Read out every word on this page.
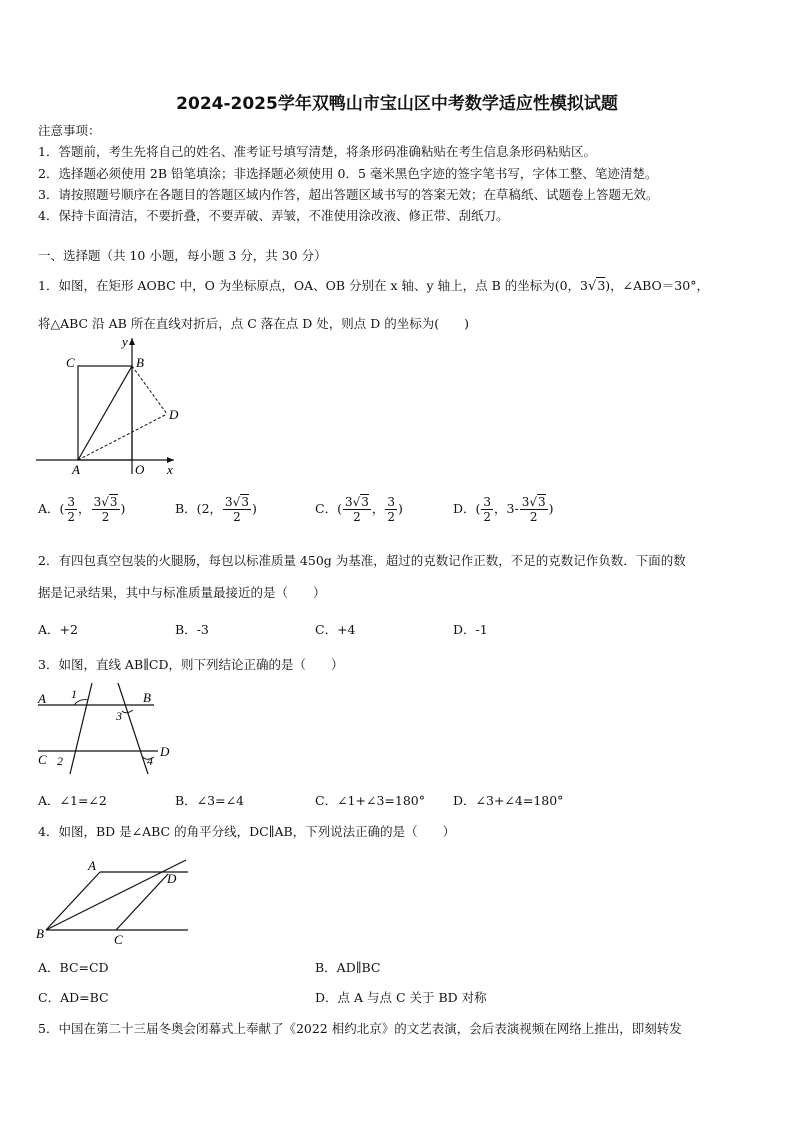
2024-2025学年双鸭山市宝山区中考数学适应性模拟试题
注意事项：
1．答题前，考生先将自己的姓名、准考证号填写清楚，将条形码准确粘贴在考生信息条形码粘贴区。
2．选择题必须使用 2B 铅笔填涂；非选择题必须使用 0．5 毫米黑色字迹的签字笔书写，字体工整、笔迹清楚。
3．请按照题号顺序在各题目的答题区域内作答，超出答题区域书写的答案无效；在草稿纸、试题卷上答题无效。
4．保持卡面清洁，不要折叠，不要弄破、弄皱，不准使用涂改液、修正带、刮纸刀。
一、选择题（共 10 小题，每小题 3 分，共 30 分）
1．如图，在矩形 AOBC 中，O 为坐标原点，OA、OB 分别在 x 轴、y 轴上，点 B 的坐标为(0，3√3)，∠ABO＝30°，
将△ABC 沿 AB 所在直线对折后，点 C 落在点 D 处，则点 D 的坐标为(　　)
C	B
D
A	O x
y
A．( $\frac{3}{2}$ ， $\frac{3√3}{2}$ )	B．(2， $\frac{3√3}{2}$ )	C．( $\frac{3√3}{2}$ ， $\frac{3}{2}$ )	D．( $\frac{3}{2}$ ，$3- \frac{3√3}{2}$ )
2．有四包真空包装的火腿肠，每包以标准质量 450g 为基准，超过的克数记作正数，不足的克数记作负数．下面的数
据是记录结果，其中与标准质量最接近的是（　　）
A．+2	B．-3	C．+4	D．-1
3．如图，直线 AB∥CD，则下列结论正确的是（　　）
A	B
C
D
1
2
3
4
A．∠1=∠2	B．∠3=∠4	C．∠1+∠3=180° D．∠3+∠4=180°
4．如图，BD 是∠ABC 的角平分线，DC∥AB，下列说法正确的是（　　）
A
B	C
D
A．BC=CD	B．AD∥BC
C．AD=BC	D．点 A 与点 C 关于 BD 对称
5．中国在第二十三届冬奥会闭幕式上奉献了《2022 相约北京》的文艺表演，会后表演视频在网络上推出，即刻转发
